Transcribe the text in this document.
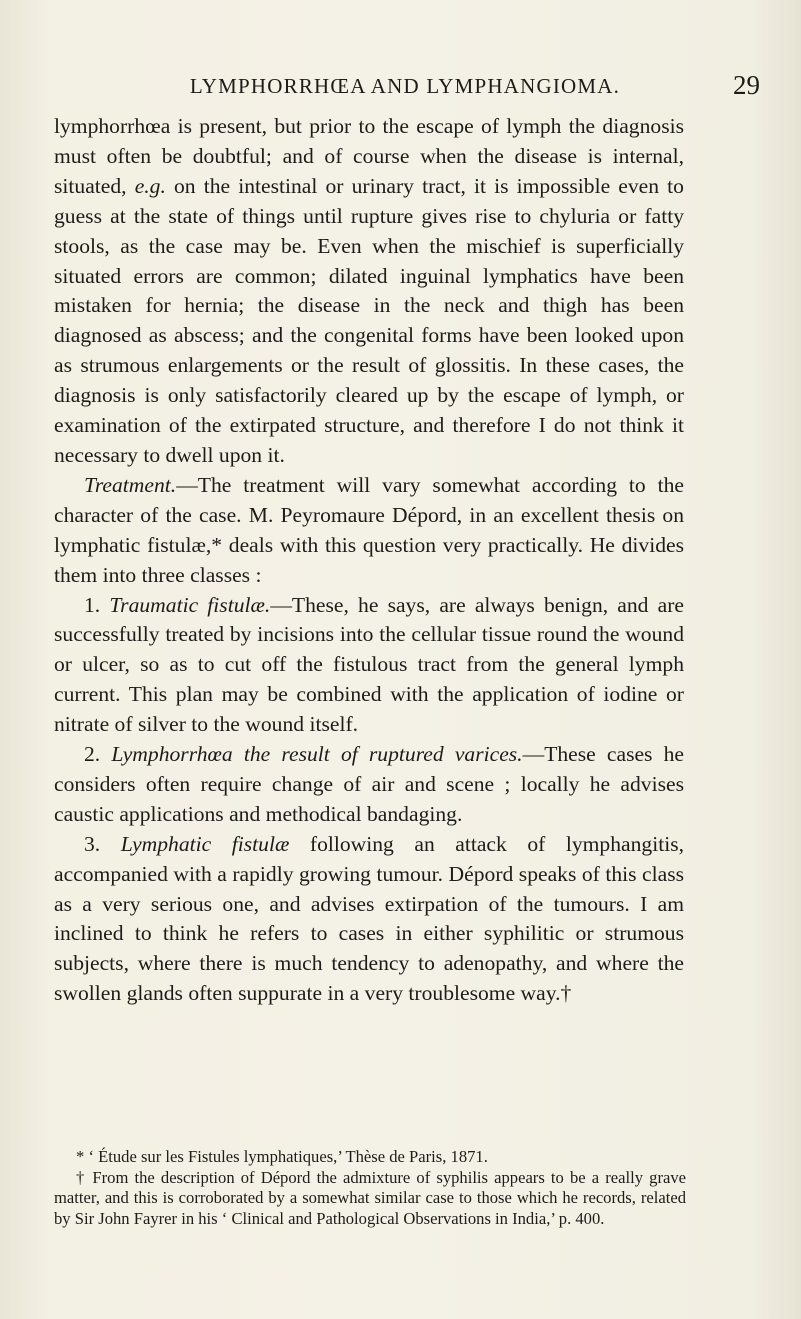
LYMPHORRHŒA AND LYMPHANGIOMA.	29

lymphorrhœa is present, but prior to the escape of lymph the diagnosis must often be doubtful; and of course when the disease is internal, situated, e.g. on the intestinal or urinary tract, it is impossible even to guess at the state of things until rupture gives rise to chyluria or fatty stools, as the case may be. Even when the mischief is superficially situated errors are common; dilated inguinal lymphatics have been mistaken for hernia; the disease in the neck and thigh has been diagnosed as abscess; and the congenital forms have been looked upon as strumous enlargements or the result of glossitis. In these cases, the diagnosis is only satisfactorily cleared up by the escape of lymph, or examination of the extirpated structure, and therefore I do not think it necessary to dwell upon it.

Treatment.—The treatment will vary somewhat according to the character of the case. M. Peyromaure Dépord, in an excellent thesis on lymphatic fistulæ,* deals with this question very practically. He divides them into three classes :

1. Traumatic fistulæ.—These, he says, are always benign, and are successfully treated by incisions into the cellular tissue round the wound or ulcer, so as to cut off the fistulous tract from the general lymph current. This plan may be combined with the application of iodine or nitrate of silver to the wound itself.

2. Lymphorrhœa the result of ruptured varices.—These cases he considers often require change of air and scene ; locally he advises caustic applications and methodical bandaging.

3. Lymphatic fistulæ following an attack of lymphangitis, accompanied with a rapidly growing tumour. Dépord speaks of this class as a very serious one, and advises extirpation of the tumours. I am inclined to think he refers to cases in either syphilitic or strumous subjects, where there is much tendency to adenopathy, and where the swollen glands often suppurate in a very troublesome way.†

* ‘ Étude sur les Fistules lymphatiques,’ Thèse de Paris, 1871.

† From the description of Dépord the admixture of syphilis appears to be a really grave matter, and this is corroborated by a somewhat similar case to those which he records, related by Sir John Fayrer in his ‘ Clinical and Pathological Observations in India,’ p. 400.
